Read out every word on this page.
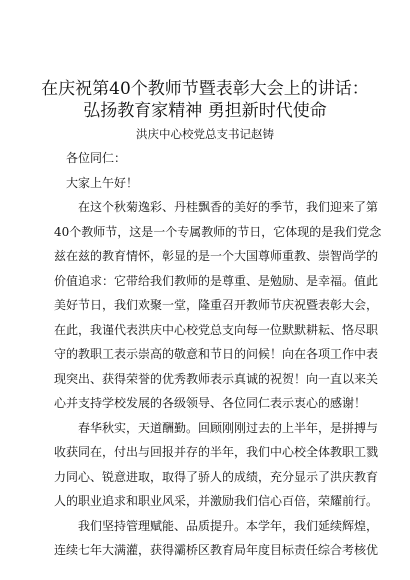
在庆祝第40个教师节暨表彰大会上的讲话：
弘扬教育家精神 勇担新时代使命
洪庆中心校党总支书记赵铸
各位同仁：
大家上午好！
在这个秋菊逸彩、丹桂飘香的美好的季节，我们迎来了第
40个教师节，这是一个专属教师的节日，它体现的是我们党念
兹在兹的教育情怀，彰显的是一个大国尊师重教、崇智尚学的
价值追求：它带给我们教师的是尊重、是勉励、是幸福。值此
美好节日，我们欢聚一堂，隆重召开教师节庆祝暨表彰大会，
在此，我谨代表洪庆中心校党总支向每一位默默耕耘、恪尽职
守的教职工表示崇高的敬意和节日的问候！向在各项工作中表
现突出、获得荣誉的优秀教师表示真诚的祝贺！向一直以来关
心并支持学校发展的各级领导、各位同仁表示衷心的感谢！
春华秋实，天道酬勤。回顾刚刚过去的上半年，是拼搏与
收获同在，付出与回报并存的半年，我们中心校全体教职工戮
力同心、锐意进取，取得了骄人的成绩，充分显示了洪庆教育
人的职业追求和职业风采，并激励我们信心百倍，荣耀前行。
我们坚持管理赋能、品质提升。本学年，我们延续辉煌，
连续七年大满灌，获得灞桥区教育局年度目标责任综合考核优
